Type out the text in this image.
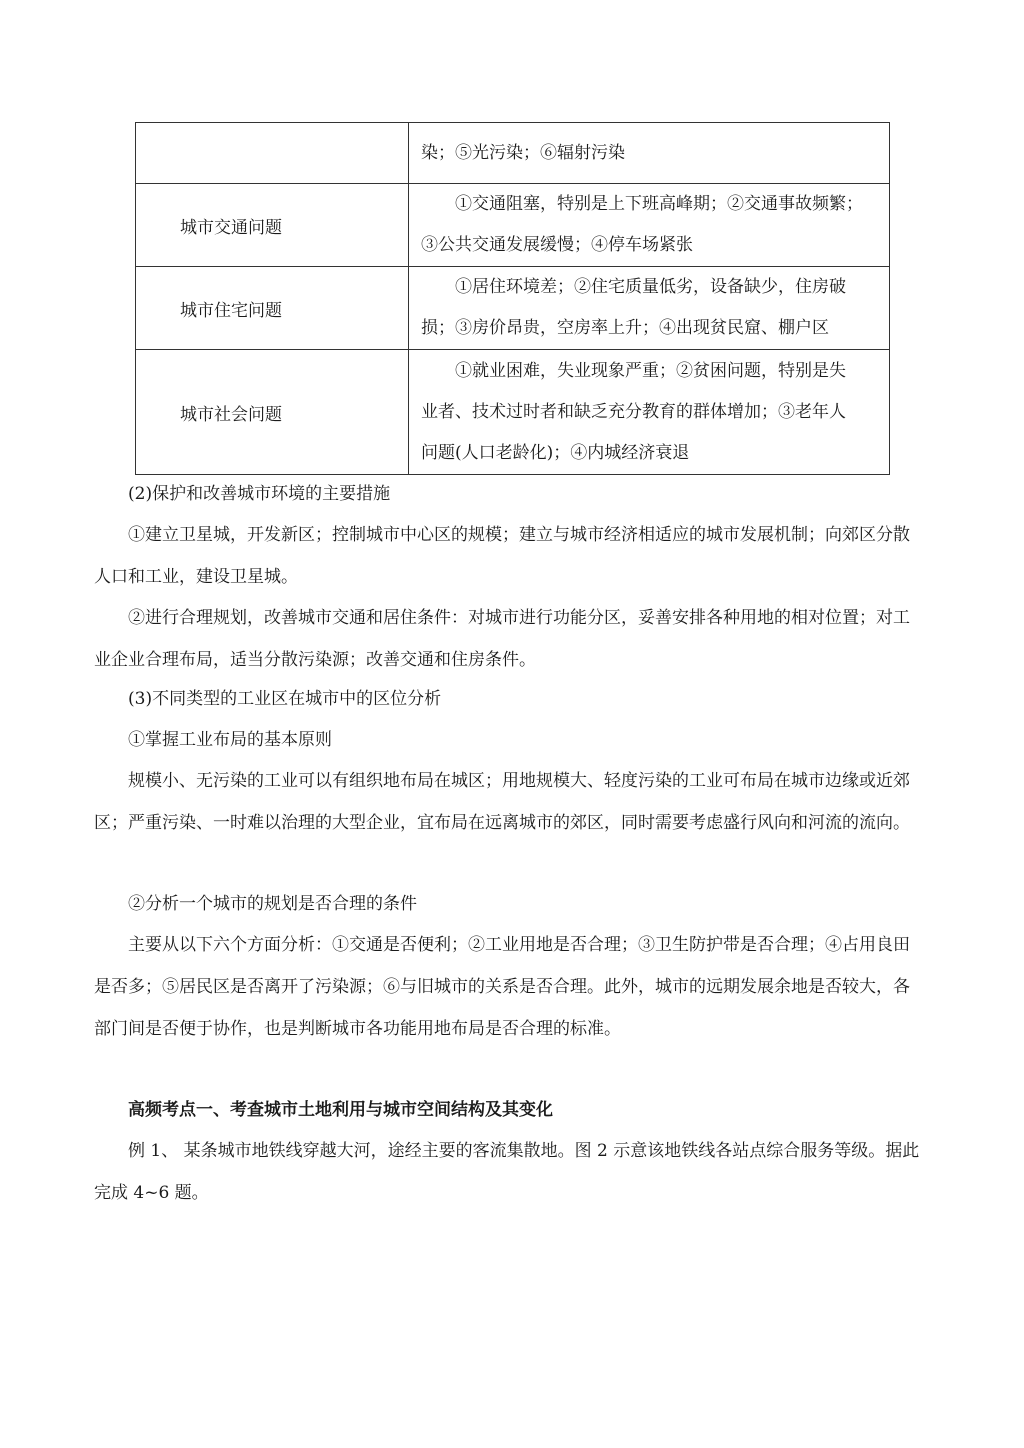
	染；⑤光污染；⑥辐射污染

城市交通问题	①交通阻塞，特别是上下班高峰期；②交通事故频繁；
③公共交通发展缓慢；④停车场紧张

城市住宅问题	①居住环境差；②住宅质量低劣，设备缺少，住房破
损；③房价昂贵，空房率上升；④出现贫民窟、棚户区

城市社会问题	①就业困难，失业现象严重；②贫困问题，特别是失
业者、技术过时者和缺乏充分教育的群体增加；③老年人
问题(人口老龄化)；④内城经济衰退

(2)保护和改善城市环境的主要措施

①建立卫星城，开发新区；控制城市中心区的规模；建立与城市经济相适应的城市发展机制；向郊区分散人口和工业，建设卫星城。

②进行合理规划，改善城市交通和居住条件：对城市进行功能分区，妥善安排各种用地的相对位置；对工业企业合理布局，适当分散污染源；改善交通和住房条件。

(3)不同类型的工业区在城市中的区位分析

①掌握工业布局的基本原则

规模小、无污染的工业可以有组织地布局在城区；用地规模大、轻度污染的工业可布局在城市边缘或近郊区；严重污染、一时难以治理的大型企业，宜布局在远离城市的郊区，同时需要考虑盛行风向和河流的流向。

②分析一个城市的规划是否合理的条件

主要从以下六个方面分析：①交通是否便利；②工业用地是否合理；③卫生防护带是否合理；④占用良田是否多；⑤居民区是否离开了污染源；⑥与旧城市的关系是否合理。此外，城市的远期发展余地是否较大，各部门间是否便于协作，也是判断城市各功能用地布局是否合理的标准。

高频考点一、考查城市土地利用与城市空间结构及其变化

例 1、 某条城市地铁线穿越大河，途经主要的客流集散地。图 2 示意该地铁线各站点综合服务等级。据此完成 4~6 题。
